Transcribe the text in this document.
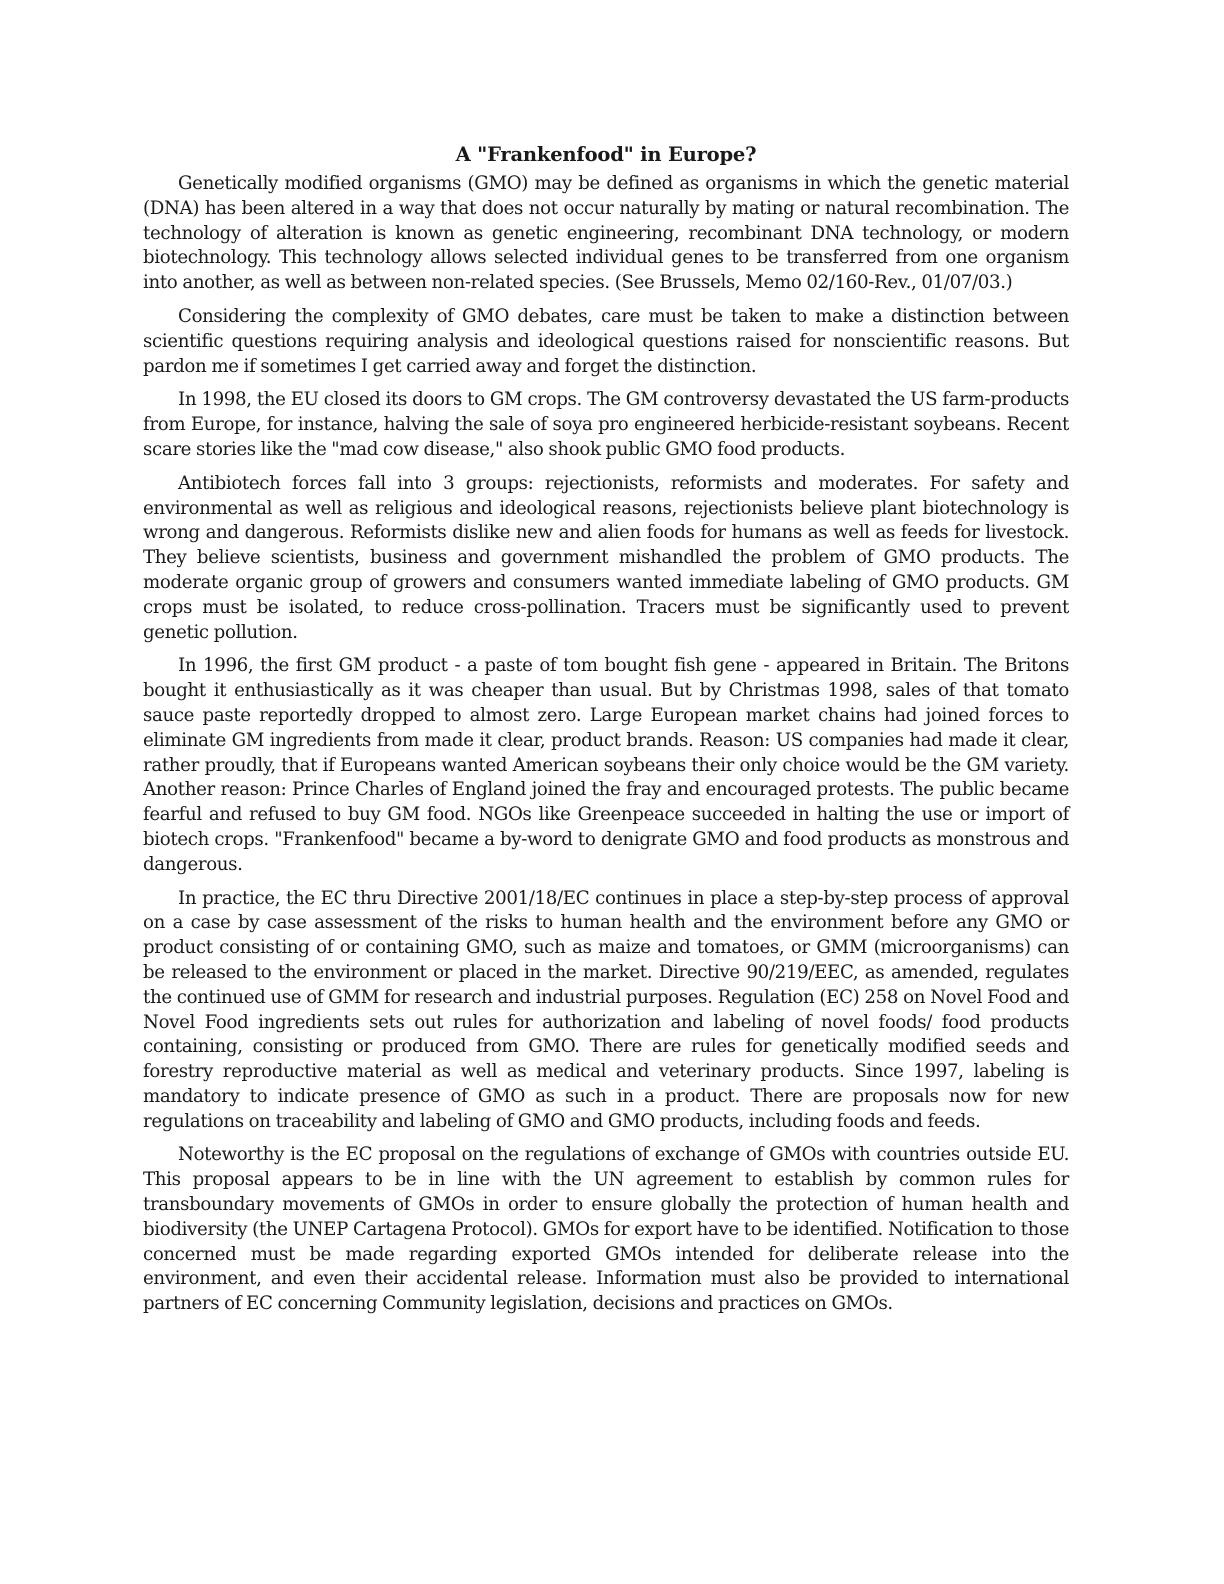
A "Frankenfood" in Europe?

Genetically modified organisms (GMO) may be defined as organisms in which the genetic material (DNA) has been altered in a way that does not occur naturally by mating or natural recombination. The technology of alteration is known as genetic engineering, recombinant DNA technology, or modern biotechnology. This technology allows selected individual genes to be transferred from one organism into another, as well as between non-related species. (See Brussels, Memo 02/160-Rev., 01/07/03.)

Considering the complexity of GMO debates, care must be taken to make a distinction between scientific questions requiring analysis and ideological questions raised for nonscientific reasons. But pardon me if sometimes I get carried away and forget the distinction.

In 1998, the EU closed its doors to GM crops. The GM controversy devastated the US farm-products from Europe, for instance, halving the sale of soya pro engineered herbicide-resistant soybeans. Recent scare stories like the "mad cow disease," also shook public GMO food products.

Antibiotech forces fall into 3 groups: rejectionists, reformists and moderates. For safety and environmental as well as religious and ideological reasons, rejectionists believe plant biotechnology is wrong and dangerous. Reformists dislike new and alien foods for humans as well as feeds for livestock. They believe scientists, business and government mishandled the problem of GMO products. The moderate organic group of growers and consumers wanted immediate labeling of GMO products. GM crops must be isolated, to reduce cross-pollination. Tracers must be significantly used to prevent genetic pollution.

In 1996, the first GM product - a paste of tom bought fish gene - appeared in Britain. The Britons bought it enthusiastically as it was cheaper than usual. But by Christmas 1998, sales of that tomato sauce paste reportedly dropped to almost zero. Large European market chains had joined forces to eliminate GM ingredients from made it clear, product brands. Reason: US companies had made it clear, rather proudly, that if Europeans wanted American soybeans their only choice would be the GM variety. Another reason: Prince Charles of England joined the fray and encouraged protests. The public became fearful and refused to buy GM food. NGOs like Greenpeace succeeded in halting the use or import of biotech crops. "Frankenfood" became a by-word to denigrate GMO and food products as monstrous and dangerous.

In practice, the EC thru Directive 2001/18/EC continues in place a step-by-step process of approval on a case by case assessment of the risks to human health and the environment before any GMO or product consisting of or containing GMO, such as maize and tomatoes, or GMM (microorganisms) can be released to the environment or placed in the market. Directive 90/219/EEC, as amended, regulates the continued use of GMM for research and industrial purposes. Regulation (EC) 258 on Novel Food and Novel Food ingredients sets out rules for authorization and labeling of novel foods/ food products containing, consisting or produced from GMO. There are rules for genetically modified seeds and forestry reproductive material as well as medical and veterinary products. Since 1997, labeling is mandatory to indicate presence of GMO as such in a product. There are proposals now for new regulations on traceability and labeling of GMO and GMO products, including foods and feeds.

Noteworthy is the EC proposal on the regulations of exchange of GMOs with countries outside EU. This proposal appears to be in line with the UN agreement to establish by common rules for transboundary movements of GMOs in order to ensure globally the protection of human health and biodiversity (the UNEP Cartagena Protocol). GMOs for export have to be identified. Notification to those concerned must be made regarding exported GMOs intended for deliberate release into the environment, and even their accidental release. Information must also be provided to international partners of EC concerning Community legislation, decisions and practices on GMOs.
